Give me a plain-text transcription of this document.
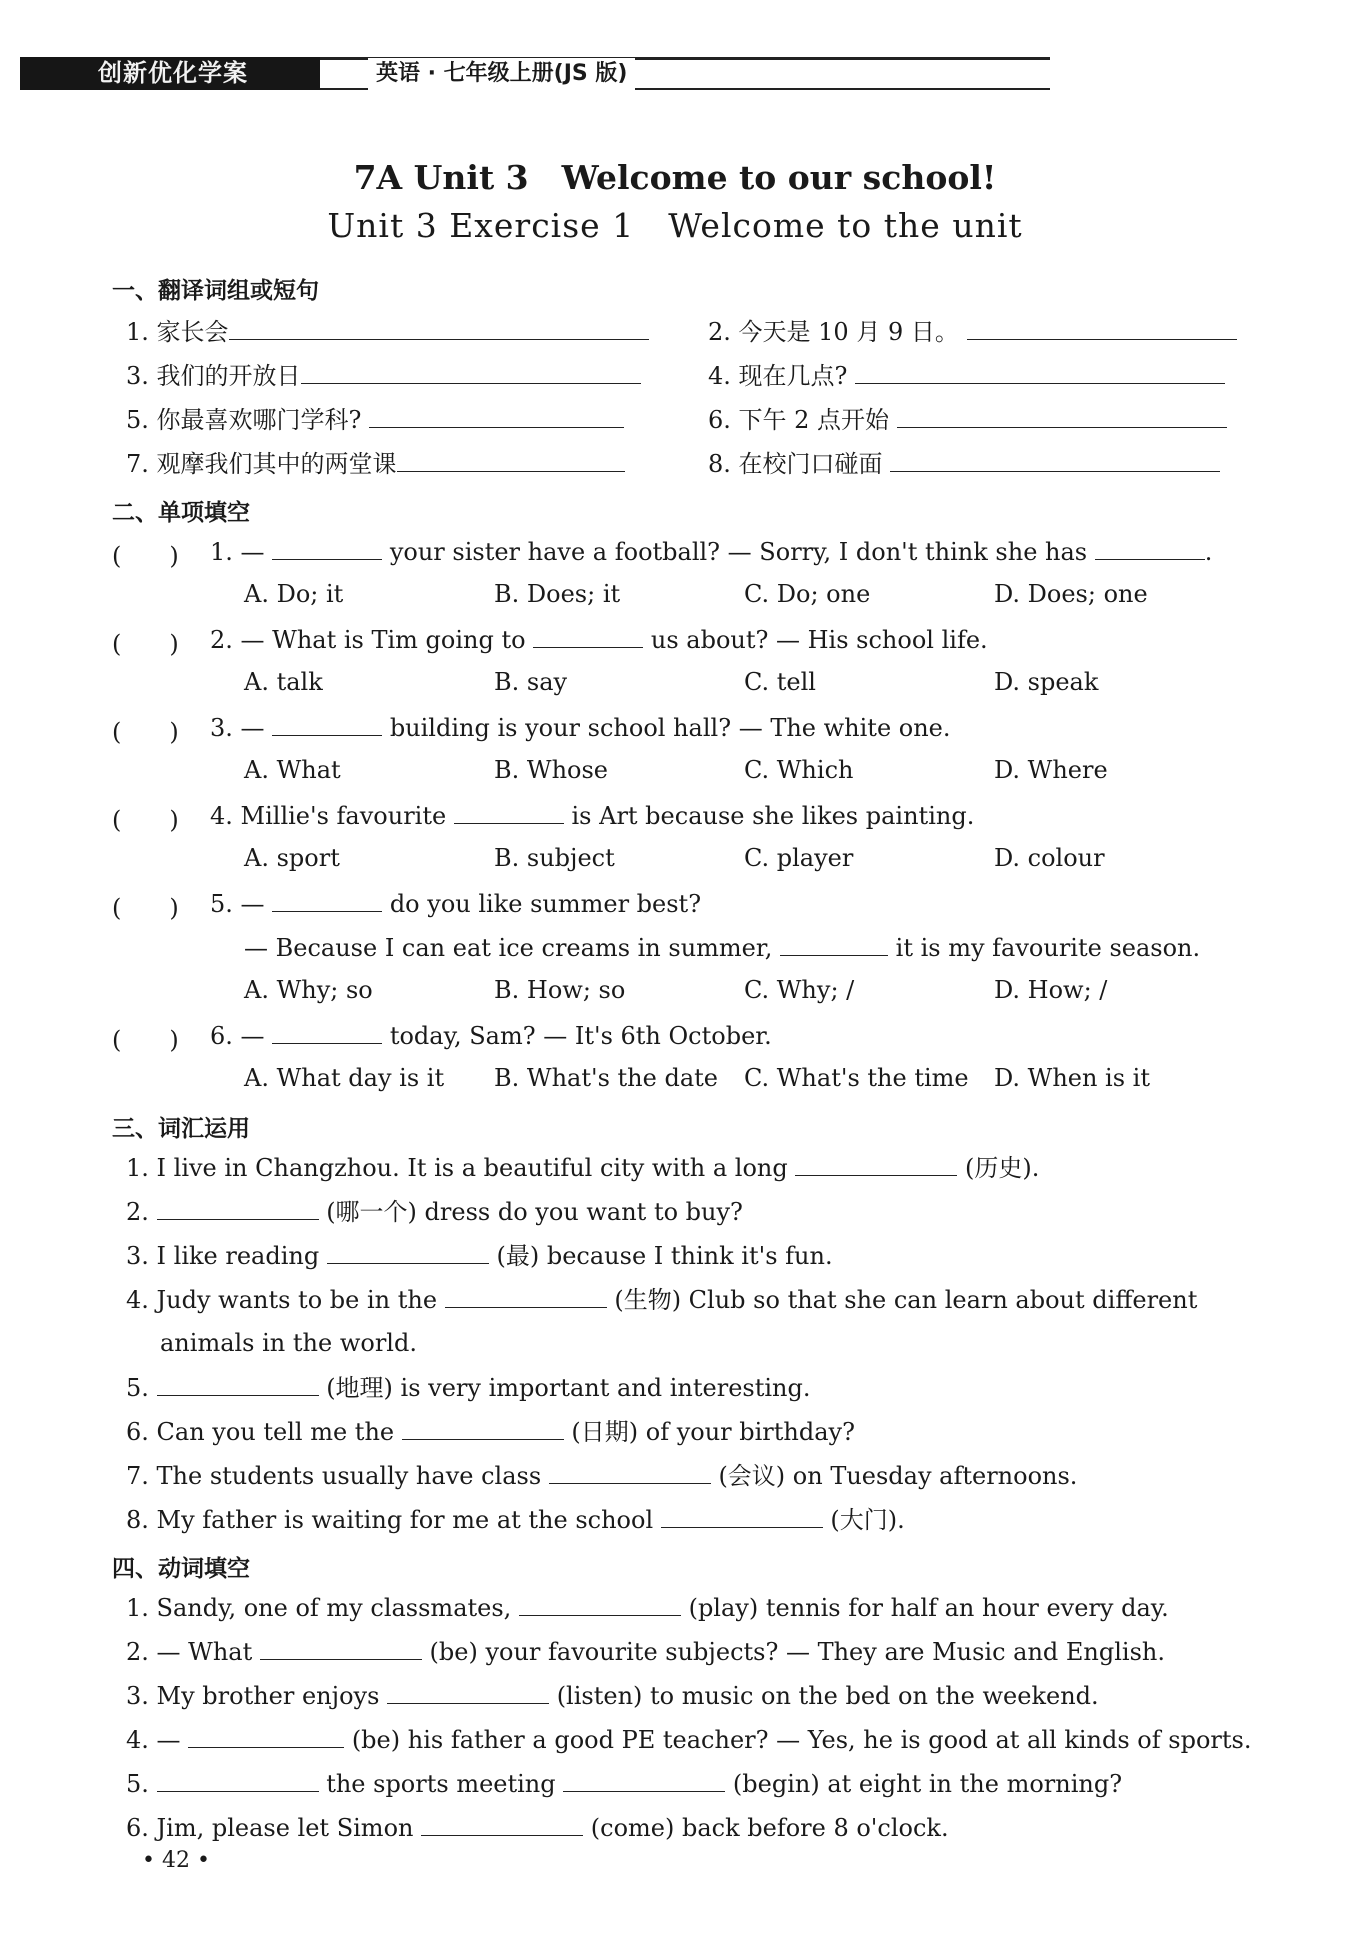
创新优化学案	英语 · 七年级上册(JS 版)
7A Unit 3　Welcome to our school!
Unit 3 Exercise 1　Welcome to the unit
一、翻译词组或短句
1. 家长会	2. 今天是 10 月 9 日。
3. 我们的开放日	4. 现在几点?
5. 你最喜欢哪门学科?	6. 下午 2 点开始
7. 观摩我们其中的两堂课	8. 在校门口碰面
二、单项填空
(　　) 1. —	your sister have a football? — Sorry, I don't think she has	.
A. Do; it	B. Does; it	C. Do; one	D. Does; one
(　　) 2. — What is Tim going to	us about? — His school life.
A. talk	B. say	C. tell	D. speak
(　　) 3. —	building is your school hall? — The white one.
A. What	B. Whose	C. Which	D. Where
(　　) 4. Millie's favourite	is Art because she likes painting.
A. sport	B. subject	C. player	D. colour
(　　) 5. —	do you like summer best?
— Because I can eat ice creams in summer,	it is my favourite season.
A. Why; so	B. How; so	C. Why; /	D. How; /
(　　) 6. —	today, Sam? — It's 6th October.
A. What day is it B. What's the date C. What's the time D. When is it
三、词汇运用
1. I live in Changzhou. It is a beautiful city with a long	(历史).
2.	(哪一个) dress do you want to buy?
3. I like reading	(最) because I think it's fun.
4. Judy wants to be in the	(生物) Club so that she can learn about different
animals in the world.
5.	(地理) is very important and interesting.
6. Can you tell me the	(日期) of your birthday?
7. The students usually have class	(会议) on Tuesday afternoons.
8. My father is waiting for me at the school	(大门).
四、动词填空
1. Sandy, one of my classmates,	(play) tennis for half an hour every day.
2. — What	(be) your favourite subjects? — They are Music and English.
3. My brother enjoys	(listen) to music on the bed on the weekend.
4. —	(be) his father a good PE teacher? — Yes, he is good at all kinds of sports.
5.	the sports meeting	(begin) at eight in the morning?
6. Jim, please let Simon	(come) back before 8 o'clock.
• 42 •
